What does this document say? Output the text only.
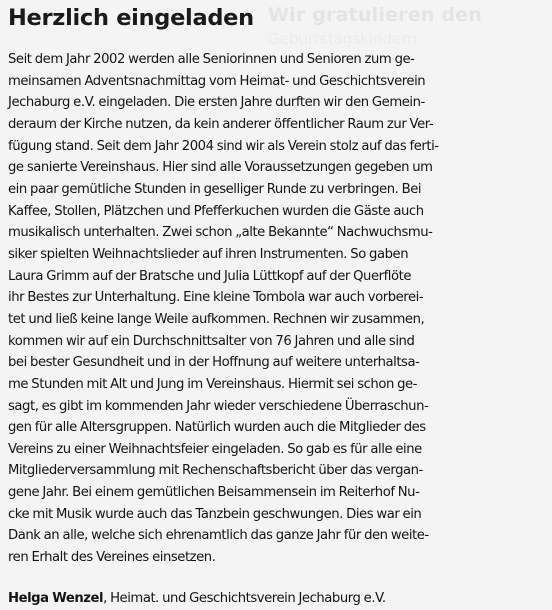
Wir gratulieren den
Geburtstagskindern
Herzlich eingeladen

Seit dem Jahr 2002 werden alle Seniorinnen und Senioren zum ge-
meinsamen Adventsnachmittag vom Heimat- und Geschichtsverein
Jechaburg e.V. eingeladen. Die ersten Jahre durften wir den Gemein-
deraum der Kirche nutzen, da kein anderer öffentlicher Raum zur Ver-
fügung stand. Seit dem Jahr 2004 sind wir als Verein stolz auf das ferti-
ge sanierte Vereinshaus. Hier sind alle Voraussetzungen gegeben um
ein paar gemütliche Stunden in geselliger Runde zu verbringen. Bei
Kaffee, Stollen, Plätzchen und Pfefferkuchen wurden die Gäste auch
musikalisch unterhalten. Zwei schon „alte Bekannte“ Nachwuchsmu-
siker spielten Weihnachtslieder auf ihren Instrumenten. So gaben
Laura Grimm auf der Bratsche und Julia Lüttkopf auf der Querflöte
ihr Bestes zur Unterhaltung. Eine kleine Tombola war auch vorberei-
tet und ließ keine lange Weile aufkommen. Rechnen wir zusammen,
kommen wir auf ein Durchschnittsalter von 76 Jahren und alle sind
bei bester Gesundheit und in der Hoffnung auf weitere unterhaltsa-
me Stunden mit Alt und Jung im Vereinshaus. Hiermit sei schon ge-
sagt, es gibt im kommenden Jahr wieder verschiedene Überraschun-
gen für alle Altersgruppen. Natürlich wurden auch die Mitglieder des
Vereins zu einer Weihnachtsfeier eingeladen. So gab es für alle eine
Mitgliederversammlung mit Rechenschaftsbericht über das vergan-
gene Jahr. Bei einem gemütlichen Beisammensein im Reiterhof Nu-
cke mit Musik wurde auch das Tanzbein geschwungen. Dies war ein
Dank an alle, welche sich ehrenamtlich das ganze Jahr für den weite-
ren Erhalt des Vereines einsetzen.

Helga Wenzel, Heimat. und Geschichtsverein Jechaburg e.V.
